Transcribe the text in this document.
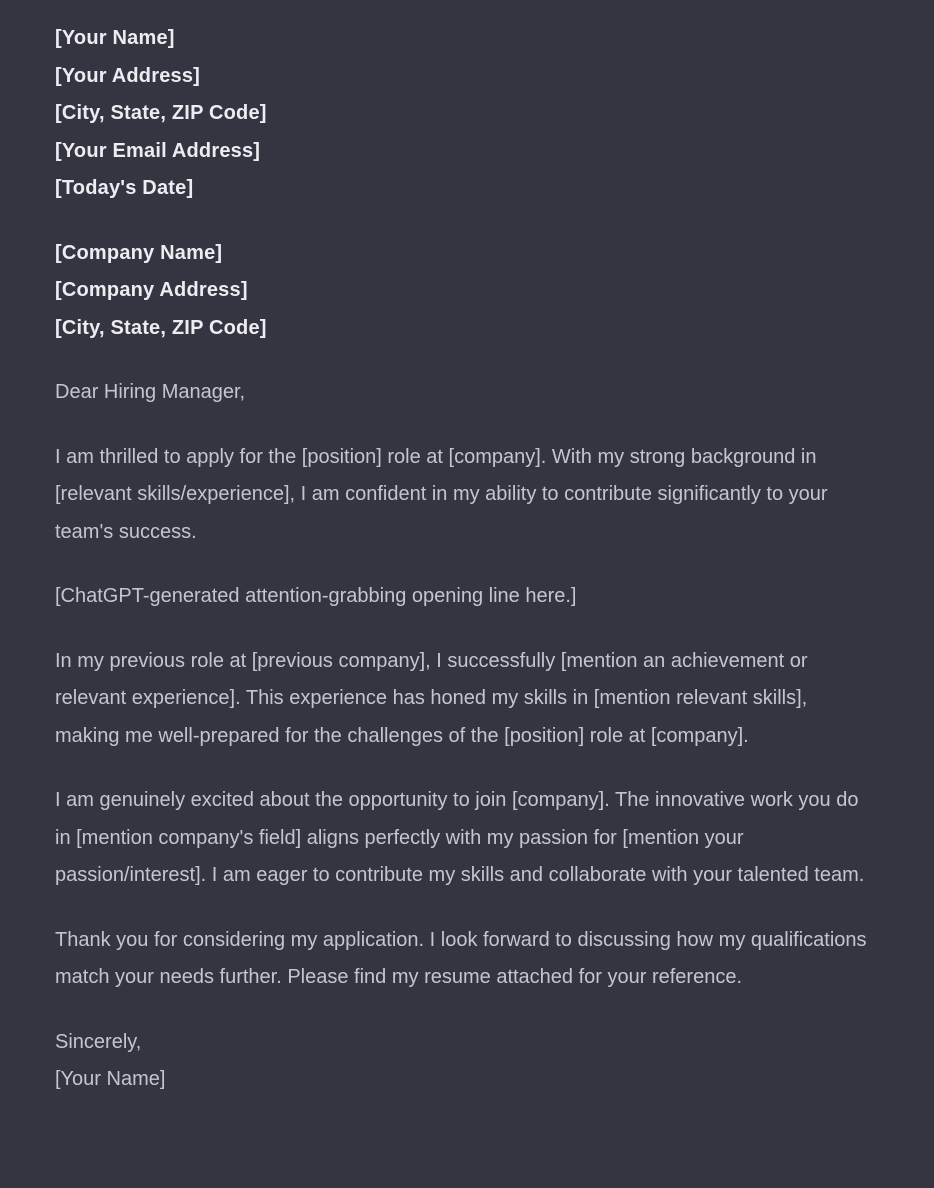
[Your Name]
[Your Address]
[City, State, ZIP Code]
[Your Email Address]
[Today's Date]
[Company Name]
[Company Address]
[City, State, ZIP Code]

Dear Hiring Manager,

I am thrilled to apply for the [position] role at [company]. With my strong background in [relevant skills/experience], I am confident in my ability to contribute significantly to your team's success.

[ChatGPT-generated attention-grabbing opening line here.]

In my previous role at [previous company], I successfully [mention an achievement or relevant experience]. This experience has honed my skills in [mention relevant skills], making me well-prepared for the challenges of the [position] role at [company].

I am genuinely excited about the opportunity to join [company]. The innovative work you do in [mention company's field] aligns perfectly with my passion for [mention your passion/interest]. I am eager to contribute my skills and collaborate with your talented team.

Thank you for considering my application. I look forward to discussing how my qualifications match your needs further. Please find my resume attached for your reference.

Sincerely,
[Your Name]
